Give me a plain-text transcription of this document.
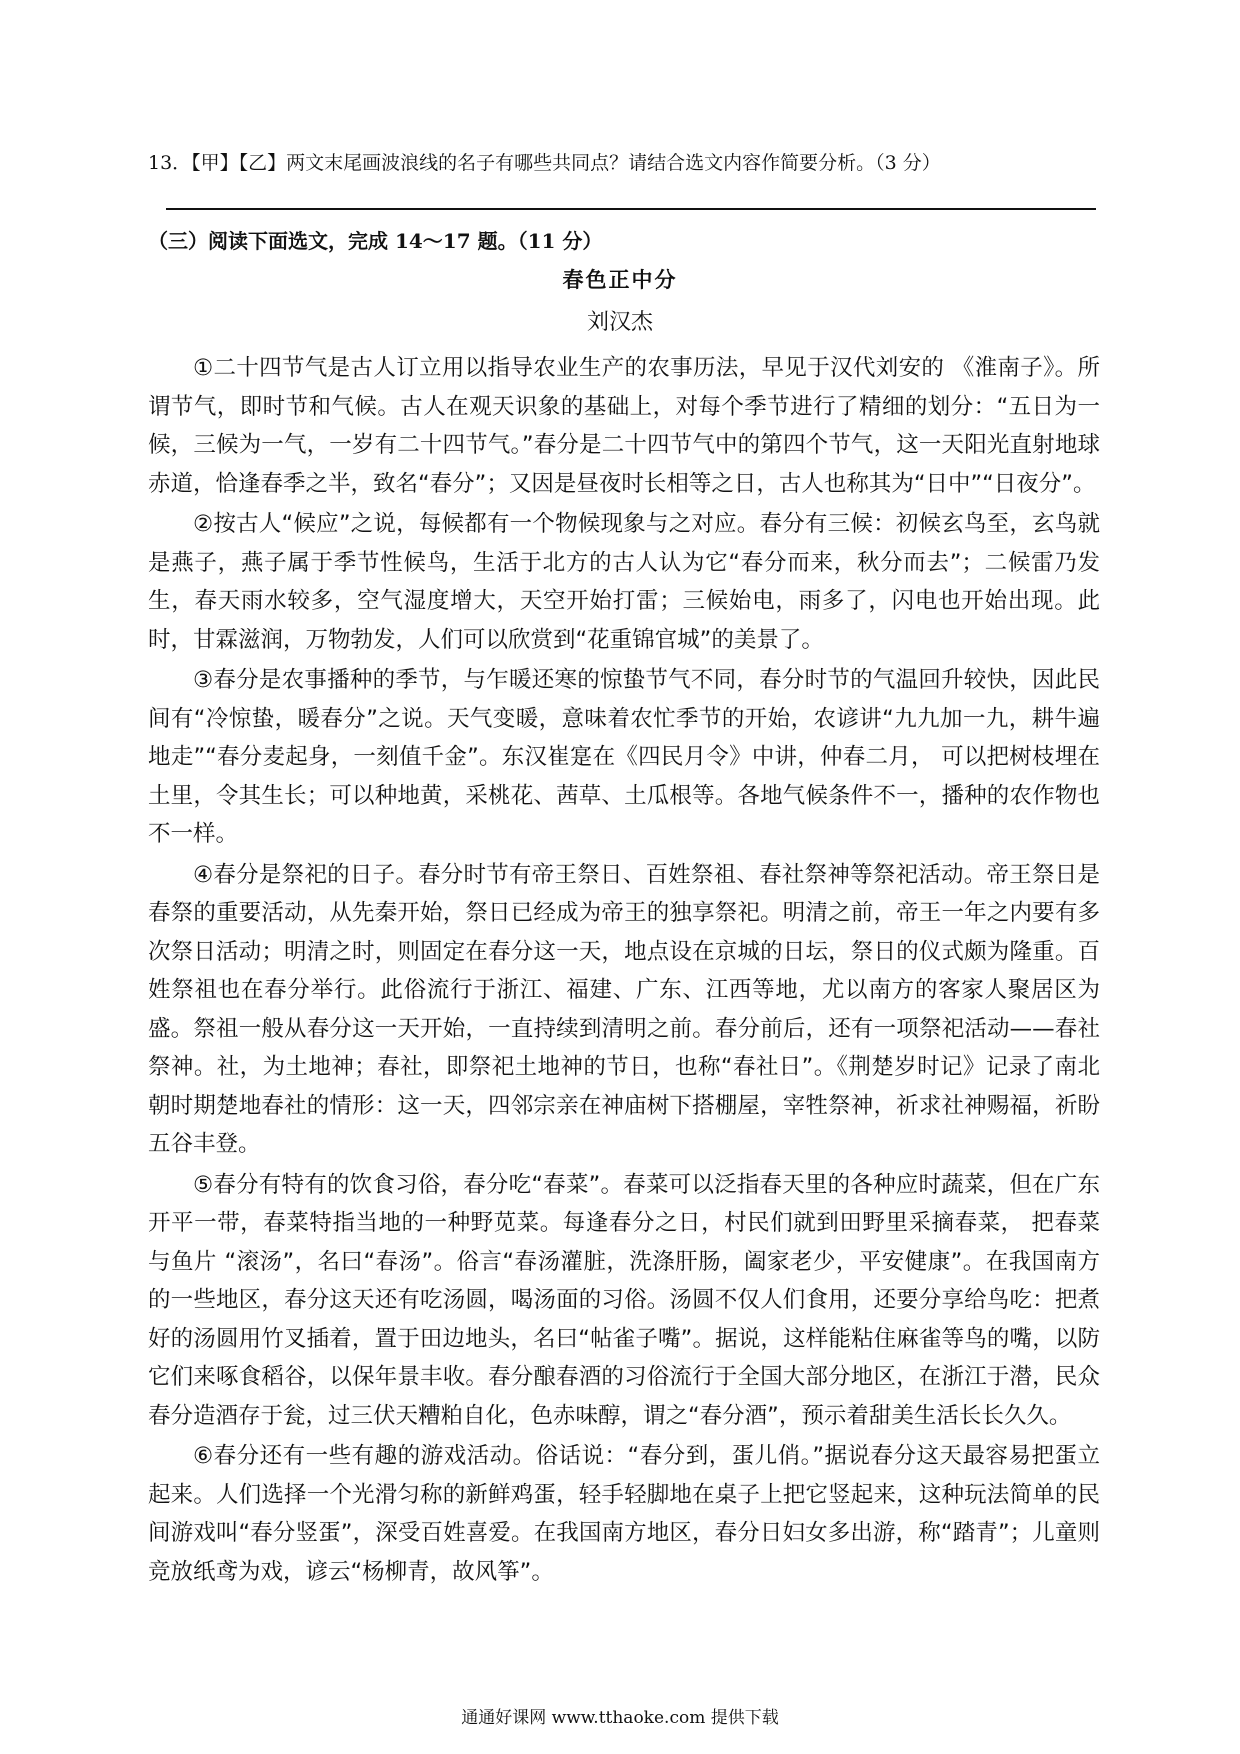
13．【甲】【乙】两文末尾画波浪线的名子有哪些共同点？请结合选文内容作简要分析。（3 分）
（三）阅读下面选文，完成 14～17 题。（11 分）
春色正中分
刘汉杰

①二十四节气是古人订立用以指导农业生产的农事历法，早见于汉代刘安的 《淮南子》。所谓节气，即时节和气候。古人在观天识象的基础上，对每个季节进行了精细的划分：“五日为一候，三候为一气，一岁有二十四节气。”春分是二十四节气中的第四个节气，这一天阳光直射地球赤道，恰逢春季之半，致名“春分”；又因是昼夜时长相等之日，古人也称其为“日中”“日夜分”。

②按古人“候应”之说，每候都有一个物候现象与之对应。春分有三候：初候玄鸟至，玄鸟就是燕子，燕子属于季节性候鸟，生活于北方的古人认为它“春分而来，秋分而去”；二候雷乃发生，春天雨水较多，空气湿度增大，天空开始打雷；三候始电，雨多了，闪电也开始出现。此时，甘霖滋润，万物勃发，人们可以欣赏到“花重锦官城”的美景了。

③春分是农事播种的季节，与乍暖还寒的惊蛰节气不同，春分时节的气温回升较快，因此民间有“冷惊蛰，暖春分”之说。天气变暖，意味着农忙季节的开始，农谚讲“九九加一九，耕牛遍地走”“春分麦起身，一刻值千金”。东汉崔寔在《四民月令》中讲，仲春二月， 可以把树枝埋在土里，令其生长；可以种地黄，采桃花、茜草、土瓜根等。各地气候条件不一，播种的农作物也不一样。

④春分是祭祀的日子。春分时节有帝王祭日、百姓祭祖、春社祭神等祭祀活动。帝王祭日是春祭的重要活动，从先秦开始，祭日已经成为帝王的独享祭祀。明清之前，帝王一年之内要有多次祭日活动；明清之时，则固定在春分这一天，地点设在京城的日坛，祭日的仪式颇为隆重。百姓祭祖也在春分举行。此俗流行于浙江、福建、广东、江西等地，尤以南方的客家人聚居区为盛。祭祖一般从春分这一天开始，一直持续到清明之前。春分前后，还有一项祭祀活动——春社祭神。社，为土地神；春社，即祭祀土地神的节日，也称“春社日”。《荆楚岁时记》记录了南北朝时期楚地春社的情形：这一天，四邻宗亲在神庙树下搭棚屋，宰牲祭神，祈求社神赐福，祈盼五谷丰登。

⑤春分有特有的饮食习俗，春分吃“春菜”。春菜可以泛指春天里的各种应时蔬菜，但在广东开平一带，春菜特指当地的一种野苋菜。每逢春分之日，村民们就到田野里采摘春菜， 把春菜与鱼片 “滚汤”，名曰“春汤”。俗言“春汤灌脏，洗涤肝肠，阖家老少，平安健康”。在我国南方的一些地区，春分这天还有吃汤圆，喝汤面的习俗。汤圆不仅人们食用，还要分享给鸟吃：把煮好的汤圆用竹叉插着，置于田边地头，名曰“帖雀子嘴”。据说，这样能粘住麻雀等鸟的嘴，以防它们来啄食稻谷，以保年景丰收。春分酿春酒的习俗流行于全国大部分地区，在浙江于潜，民众春分造酒存于瓮，过三伏天糟粕自化，色赤味醇，谓之“春分酒”，预示着甜美生活长长久久。

⑥春分还有一些有趣的游戏活动。俗话说：“春分到，蛋儿俏。”据说春分这天最容易把蛋立起来。人们选择一个光滑匀称的新鲜鸡蛋，轻手轻脚地在桌子上把它竖起来，这种玩法简单的民间游戏叫“春分竖蛋”，深受百姓喜爱。在我国南方地区，春分日妇女多出游，称“踏青”；儿童则竞放纸鸢为戏，谚云“杨柳青，故风筝”。

通通好课网 www.tthaoke.com 提供下载
